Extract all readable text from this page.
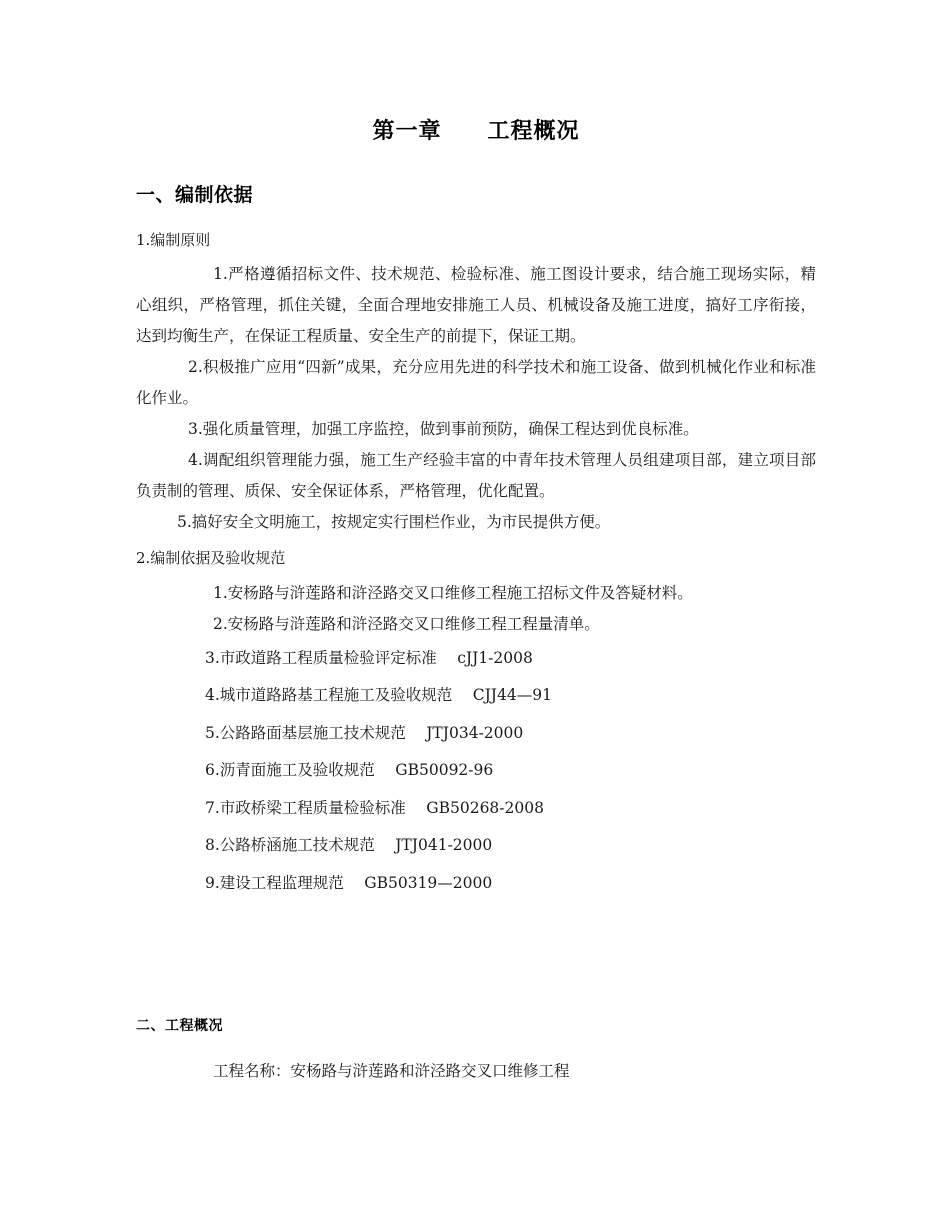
第一章　　工程概况
一、编制依据

1.编制原则

1.严格遵循招标文件、技术规范、检验标准、施工图设计要求，结合施工现场实际，精心组织，严格管理，抓住关键，全面合理地安排施工人员、机械设备及施工进度，搞好工序衔接，达到均衡生产，在保证工程质量、安全生产的前提下，保证工期。

2.积极推广应用“四新”成果，充分应用先进的科学技术和施工设备、做到机械化作业和标准化作业。

3.强化质量管理，加强工序监控，做到事前预防，确保工程达到优良标准。

4.调配组织管理能力强，施工生产经验丰富的中青年技术管理人员组建项目部，建立项目部负责制的管理、质保、安全保证体系，严格管理，优化配置。

5.搞好安全文明施工，按规定实行围栏作业，为市民提供方便。

2.编制依据及验收规范

1.安杨路与浒莲路和浒泾路交叉口维修工程施工招标文件及答疑材料。

2.安杨路与浒莲路和浒泾路交叉口维修工程工程量清单。

3.市政道路工程质量检验评定标准　 cJJ1-2008

4.城市道路路基工程施工及验收规范　 CJJ44—91

5.公路路面基层施工技术规范　 JTJ034-2000

6.沥青面施工及验收规范　 GB50092-96

7.市政桥梁工程质量检验标准　 GB50268-2008

8.公路桥涵施工技术规范　 JTJ041-2000

9.建设工程监理规范　 GB50319—2000

二、工程概况

工程名称：安杨路与浒莲路和浒泾路交叉口维修工程
